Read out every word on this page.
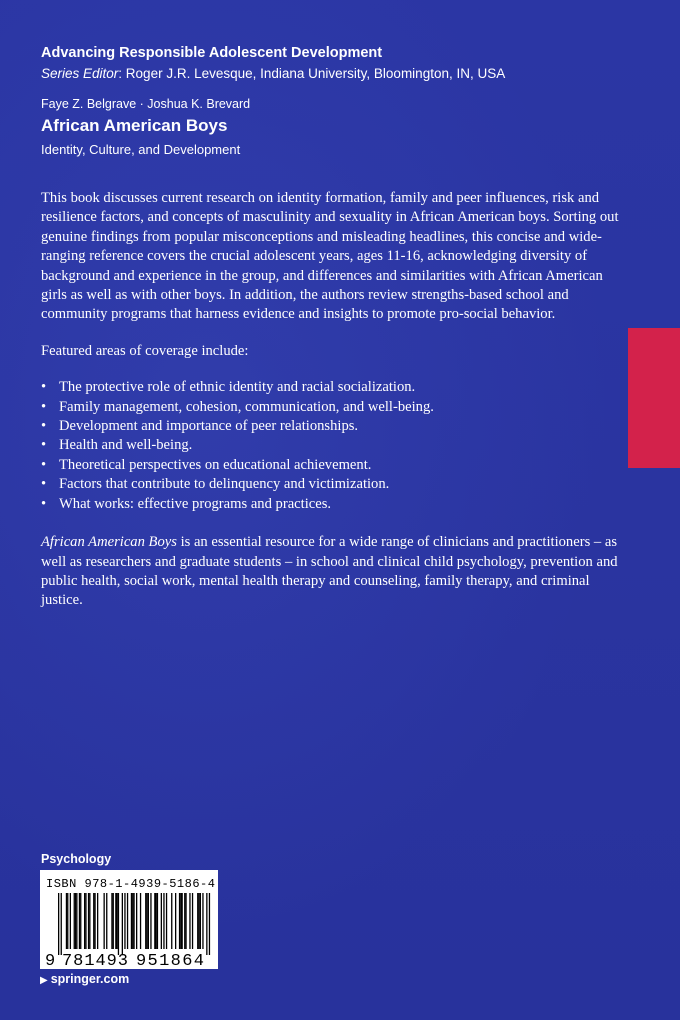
Advancing Responsible Adolescent Development
Series Editor: Roger J.R. Levesque, Indiana University, Bloomington, IN, USA
Faye Z. Belgrave · Joshua K. Brevard
African American Boys
Identity, Culture, and Development

This book discusses current research on identity formation, family and peer influences, risk and resilience factors, and concepts of masculinity and sexuality in African American boys. Sorting out genuine findings from popular misconceptions and misleading headlines, this concise and wide-ranging reference covers the crucial adolescent years, ages 11-16, acknowledging diversity of background and experience in the group, and differences and similarities with African American girls as well as with other boys. In addition, the authors review strengths-based school and community programs that harness evidence and insights to promote pro-social behavior.

Featured areas of coverage include:

• The protective role of ethnic identity and racial socialization.
• Family management, cohesion, communication, and well-being.
• Development and importance of peer relationships.
• Health and well-being.
• Theoretical perspectives on educational achievement.
• Factors that contribute to delinquency and victimization.
• What works: effective programs and practices.

African American Boys is an essential resource for a wide range of clinicians and practitioners – as well as researchers and graduate students – in school and clinical child psychology, prevention and public health, social work, mental health therapy and counseling, family therapy, and criminal justice.

Psychology
ISBN 978-1-4939-5186-4
9 781493 951864
▶ springer.com
